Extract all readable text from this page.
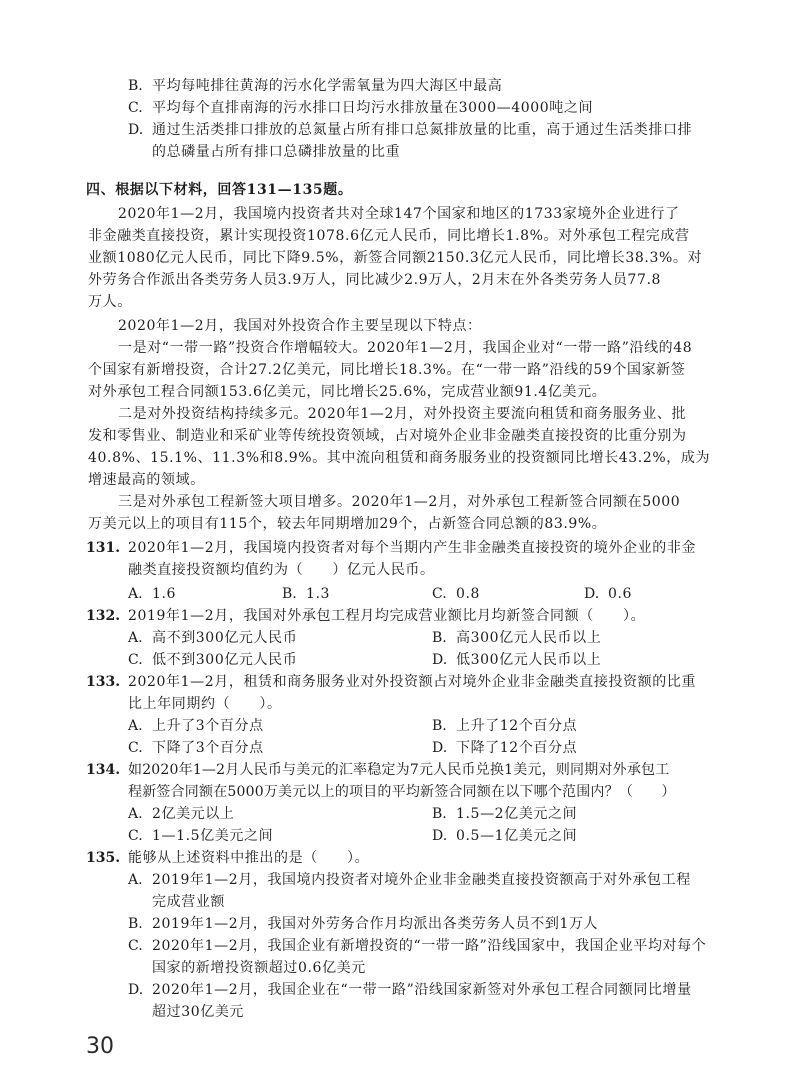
B. 平均每吨排往黄海的污水化学需氧量为四大海区中最高
C. 平均每个直排南海的污水排口日均污水排放量在3000—4000吨之间
D. 通过生活类排口排放的总氮量占所有排口总氮排放量的比重，高于通过生活类排口排
的总磷量占所有排口总磷排放量的比重
四、根据以下材料，回答131—135题。
2020年1—2月，我国境内投资者共对全球147个国家和地区的1733家境外企业进行了
非金融类直接投资，累计实现投资1078.6亿元人民币，同比增长1.8%。对外承包工程完成营
业额1080亿元人民币，同比下降9.5%，新签合同额2150.3亿元人民币，同比增长38.3%。对
外劳务合作派出各类劳务人员3.9万人，同比减少2.9万人，2月末在外各类劳务人员77.8
万人。
2020年1—2月，我国对外投资合作主要呈现以下特点：
一是对“一带一路”投资合作增幅较大。2020年1—2月，我国企业对“一带一路”沿线的48
个国家有新增投资，合计27.2亿美元，同比增长18.3%。在“一带一路”沿线的59个国家新签
对外承包工程合同额153.6亿美元，同比增长25.6%，完成营业额91.4亿美元。
二是对外投资结构持续多元。2020年1—2月，对外投资主要流向租赁和商务服务业、批
发和零售业、制造业和采矿业等传统投资领域，占对境外企业非金融类直接投资的比重分别为
40.8%、15.1%、11.3%和8.9%。其中流向租赁和商务服务业的投资额同比增长43.2%，成为
增速最高的领域。
三是对外承包工程新签大项目增多。2020年1—2月，对外承包工程新签合同额在5000
万美元以上的项目有115个，较去年同期增加29个，占新签合同总额的83.9%。
131. 2020年1—2月，我国境内投资者对每个当期内产生非金融类直接投资的境外企业的非金
融类直接投资额均值约为（　　）亿元人民币。
A. 1.6	B. 1.3	C. 0.8	D. 0.6
132. 2019年1—2月，我国对外承包工程月均完成营业额比月均新签合同额（　　）。
A. 高不到300亿元人民币	B. 高300亿元人民币以上
C. 低不到300亿元人民币	D. 低300亿元人民币以上
133. 2020年1—2月，租赁和商务服务业对外投资额占对境外企业非金融类直接投资额的比重
比上年同期约（　　）。
A. 上升了3个百分点	B. 上升了12个百分点
C. 下降了3个百分点	D. 下降了12个百分点
134. 如2020年1—2月人民币与美元的汇率稳定为7元人民币兑换1美元，则同期对外承包工
程新签合同额在5000万美元以上的项目的平均新签合同额在以下哪个范围内？（　　）
A. 2亿美元以上	B. 1.5—2亿美元之间
C. 1—1.5亿美元之间	D. 0.5—1亿美元之间
135. 能够从上述资料中推出的是（　　）。
A. 2019年1—2月，我国境内投资者对境外企业非金融类直接投资额高于对外承包工程
完成营业额
B. 2019年1—2月，我国对外劳务合作月均派出各类劳务人员不到1万人
C. 2020年1—2月，我国企业有新增投资的“一带一路”沿线国家中，我国企业平均对每个
国家的新增投资额超过0.6亿美元
D. 2020年1—2月，我国企业在“一带一路”沿线国家新签对外承包工程合同额同比增量
超过30亿美元
30
